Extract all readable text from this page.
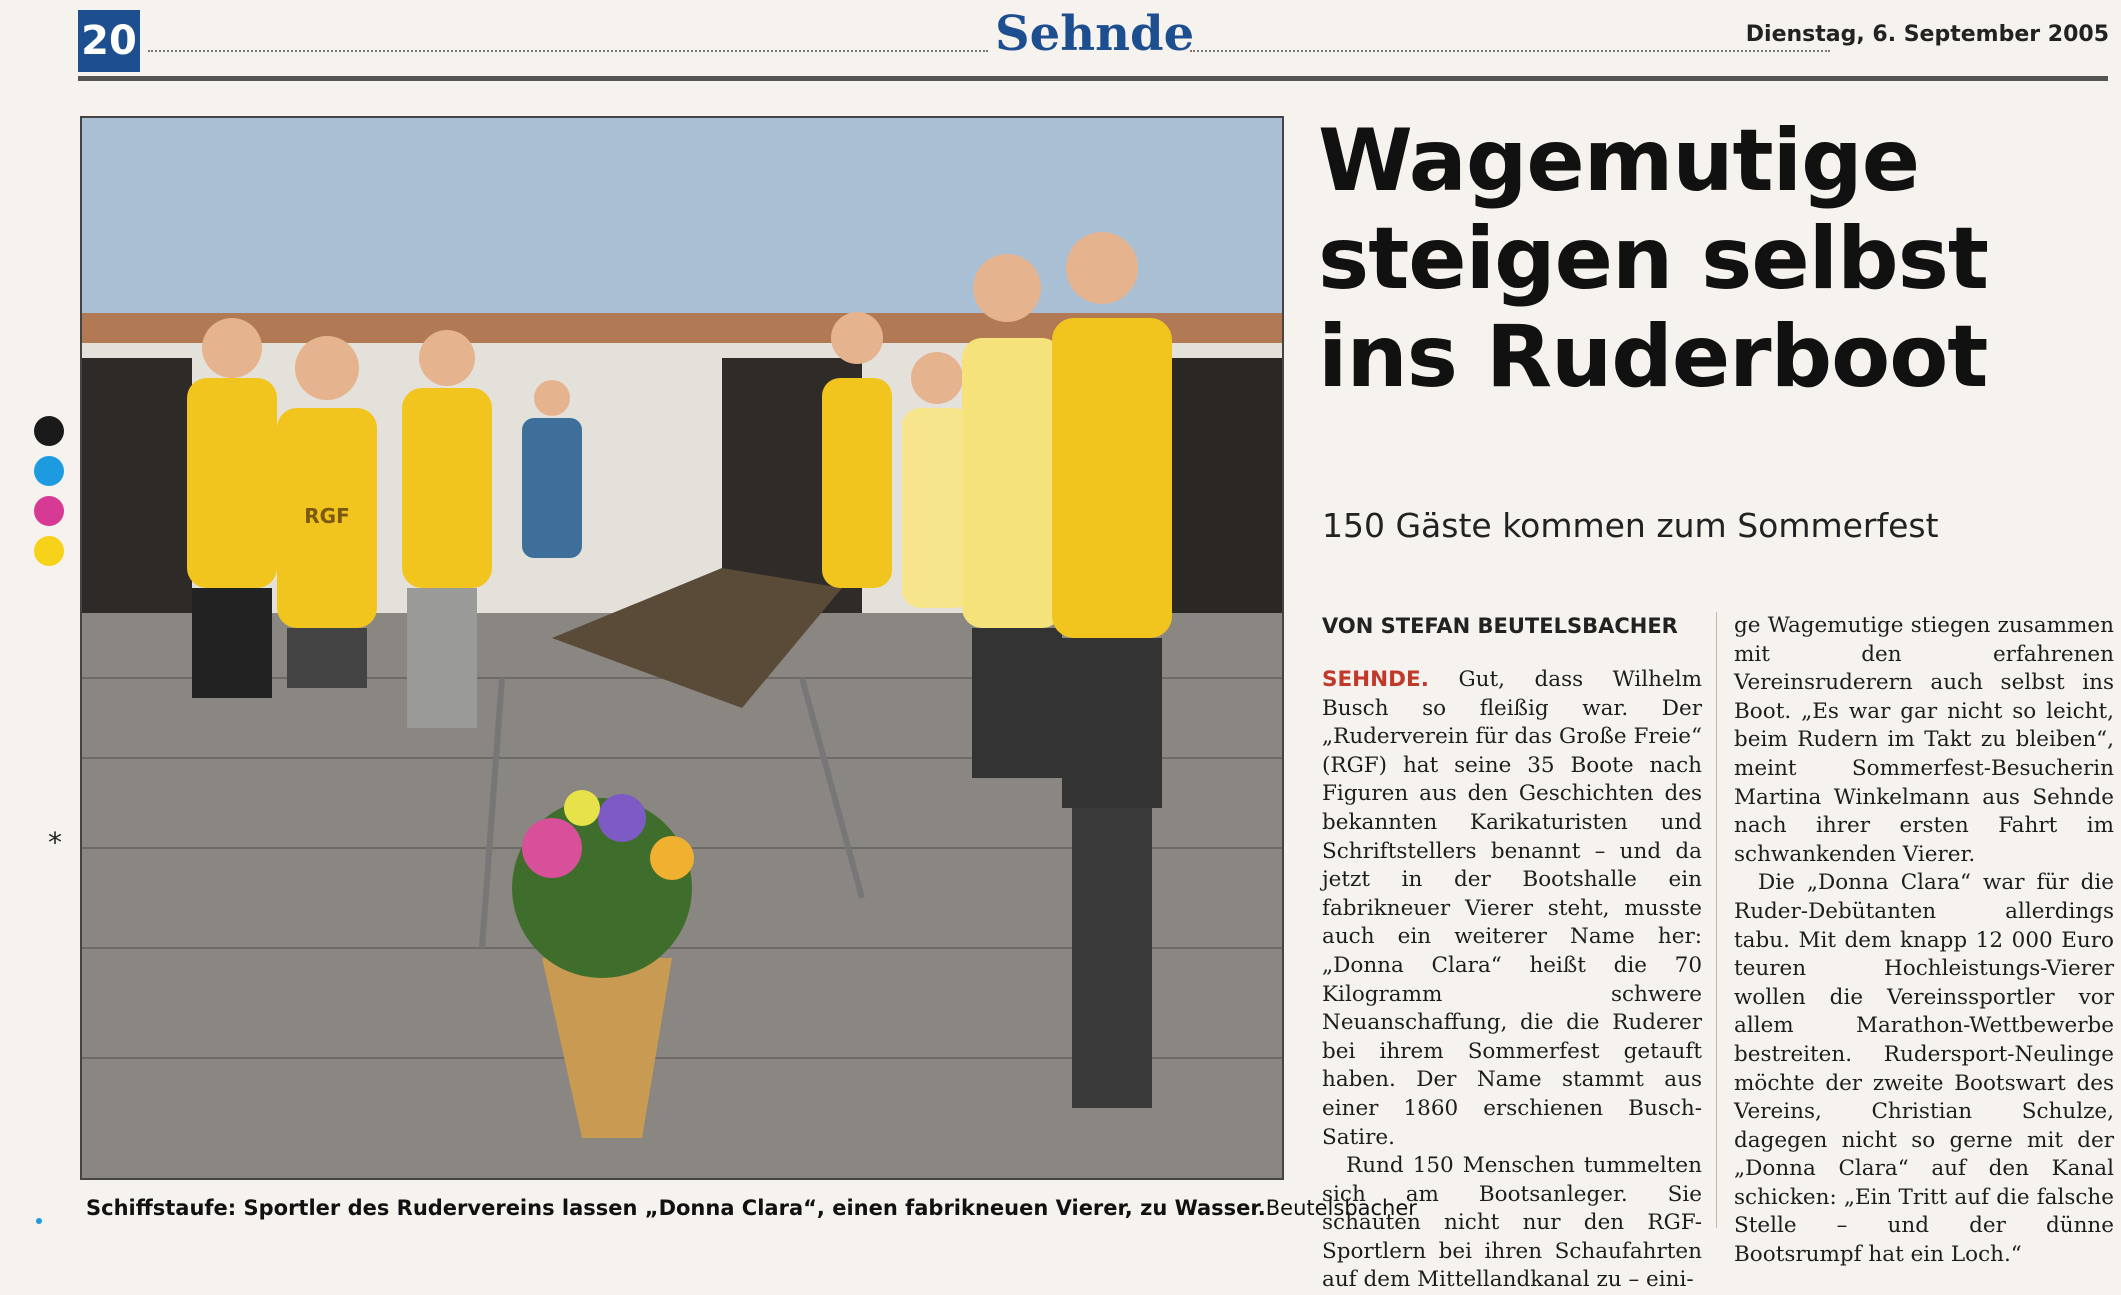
20	Sehnde	Dienstag, 6. September 2005
*
RGF
Schiffstaufe: Sportler des Rudervereins lassen „Donna Clara“, einen fabrikneuen Vierer, zu Wasser. Beutelsbacher
Wagemutige
steigen selbst
ins Ruderboot
150 Gäste kommen zum Sommerfest
VON STEFAN BEUTELSBACHER

SEHNDE. Gut, dass Wilhelm Busch so fleißig war. Der „Ruderverein für das Große Freie“ (RGF) hat seine 35 Boote nach Figuren aus den Geschichten des bekannten Karikaturisten und Schriftstellers benannt – und da jetzt in der Bootshalle ein fabrikneuer Vierer steht, musste auch ein weiterer Name her: „Donna Clara“ heißt die 70 Kilogramm schwere Neuanschaffung, die die Ruderer bei ihrem Sommerfest getauft haben. Der Name stammt aus einer 1860 erschienen Busch-Satire.

Rund 150 Menschen tummelten sich am Bootsanleger. Sie schauten nicht nur den RGF-Sportlern bei ihren Schaufahrten auf dem Mittellandkanal zu – eini-

ge Wagemutige stiegen zusammen mit den erfahrenen Vereinsruderern auch selbst ins Boot. „Es war gar nicht so leicht, beim Rudern im Takt zu bleiben“, meint Sommerfest-Besucherin Martina Winkelmann aus Sehnde nach ihrer ersten Fahrt im schwankenden Vierer.

Die „Donna Clara“ war für die Ruder-Debütanten allerdings tabu. Mit dem knapp 12 000 Euro teuren Hochleistungs-Vierer wollen die Vereinssportler vor allem Marathon-Wettbewerbe bestreiten. Rudersport-Neulinge möchte der zweite Bootswart des Vereins, Christian Schulze, dagegen nicht so gerne mit der „Donna Clara“ auf den Kanal schicken: „Ein Tritt auf die falsche Stelle – und der dünne Bootsrumpf hat ein Loch.“
